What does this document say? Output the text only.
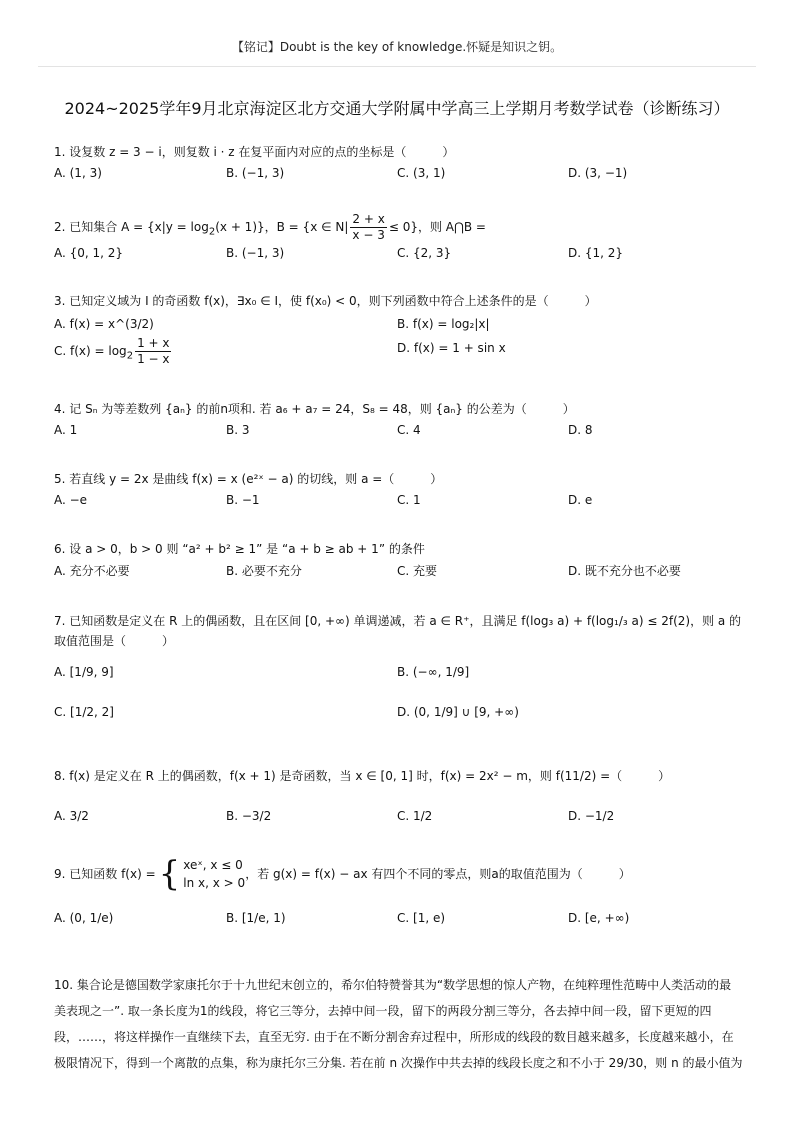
【铭记】Doubt is the key of knowledge.怀疑是知识之钥。
2024~2025学年9月北京海淀区北方交通大学附属中学高三上学期月考数学试卷（诊断练习）
1. 设复数 z = 3 − i，则复数 i · z 在复平面内对应的点的坐标是（　　　）
A. (1, 3)	B. (−1, 3)	C. (3, 1)	D. (3, −1)
2. 已知集合 $A = \{x|y = \log_2(x + 1)\}$，B = {x ∈ $N| \frac{2 + x}{x - 3} \le 0$}，则 A⋂B =
A. {0, 1, 2}	B. (−1, 3)	C. {2, 3}	D. {1, 2}
3. 已知定义域为 I 的奇函数 f(x)，∃x₀ ∈ I，使 f(x₀) < 0，则下列函数中符合上述条件的是（　　　）
A. f(x) = x^(3/2)	B. f(x) = log₂|x|
C. $f(x) = \log_2 \frac{1 + x}{1 - x}$	D. f(x) = 1 + sin x
4. 记 Sₙ 为等差数列 {aₙ} 的前n项和. 若 a₆ + a₇ = 24，S₈ = 48，则 {aₙ} 的公差为（　　　）
A. 1	B. 3	C. 4	D. 8
5. 若直线 y = 2x 是曲线 f(x) = x (e²ˣ − a) 的切线，则 a =（　　　）
A. −e	B. −1	C. 1	D. e
6. 设 a > 0，b > 0 则 “a² + b² ≥ 1” 是 “a + b ≥ ab + 1” 的条件
A. 充分不必要	B. 必要不充分	C. 充要	D. 既不充分也不必要
7. 已知函数是定义在 R 上的偶函数，且在区间 [0, +∞) 单调递减，若 a ∈ R⁺，且满足 f(log₃ a) + f(log₁/₃ a) ≤ 2f(2)，则 a 的
取值范围是（　　　）
A. [1/9, 9]	B. (−∞, 1/9]
C. [1/2, 2]	D. (0, 1/9] ∪ [9, +∞)
8. f(x) 是定义在 R 上的偶函数，f(x + 1) 是奇函数，当 x ∈ [0, 1] 时，f(x) = 2x² − m，则 f(11/2) =（　　　）
A. 3/2	B. −3/2	C. 1/2	D. −1/2
9. 已知函数 f(x) = { xeˣ, x ≤ 0
ln x, x > 0
，若 g(x) = f(x) − ax 有四个不同的零点，则a的取值范围为（　　　）
A. (0, 1/e)	B. [1/e, 1)	C. [1, e)	D. [e, +∞)
10. 集合论是德国数学家康托尔于十九世纪末创立的，希尔伯特赞誉其为“数学思想的惊人产物，在纯粹理性范畴中人类活动的最
美表现之一”. 取一条长度为1的线段，将它三等分，去掉中间一段，留下的两段分割三等分，各去掉中间一段，留下更短的四
段，……，将这样操作一直继续下去，直至无穷. 由于在不断分割舍弃过程中，所形成的线段的数目越来越多，长度越来越小，在
极限情况下，得到一个离散的点集，称为康托尔三分集. 若在前 n 次操作中共去掉的线段长度之和不小于 29/30，则 n 的最小值为
